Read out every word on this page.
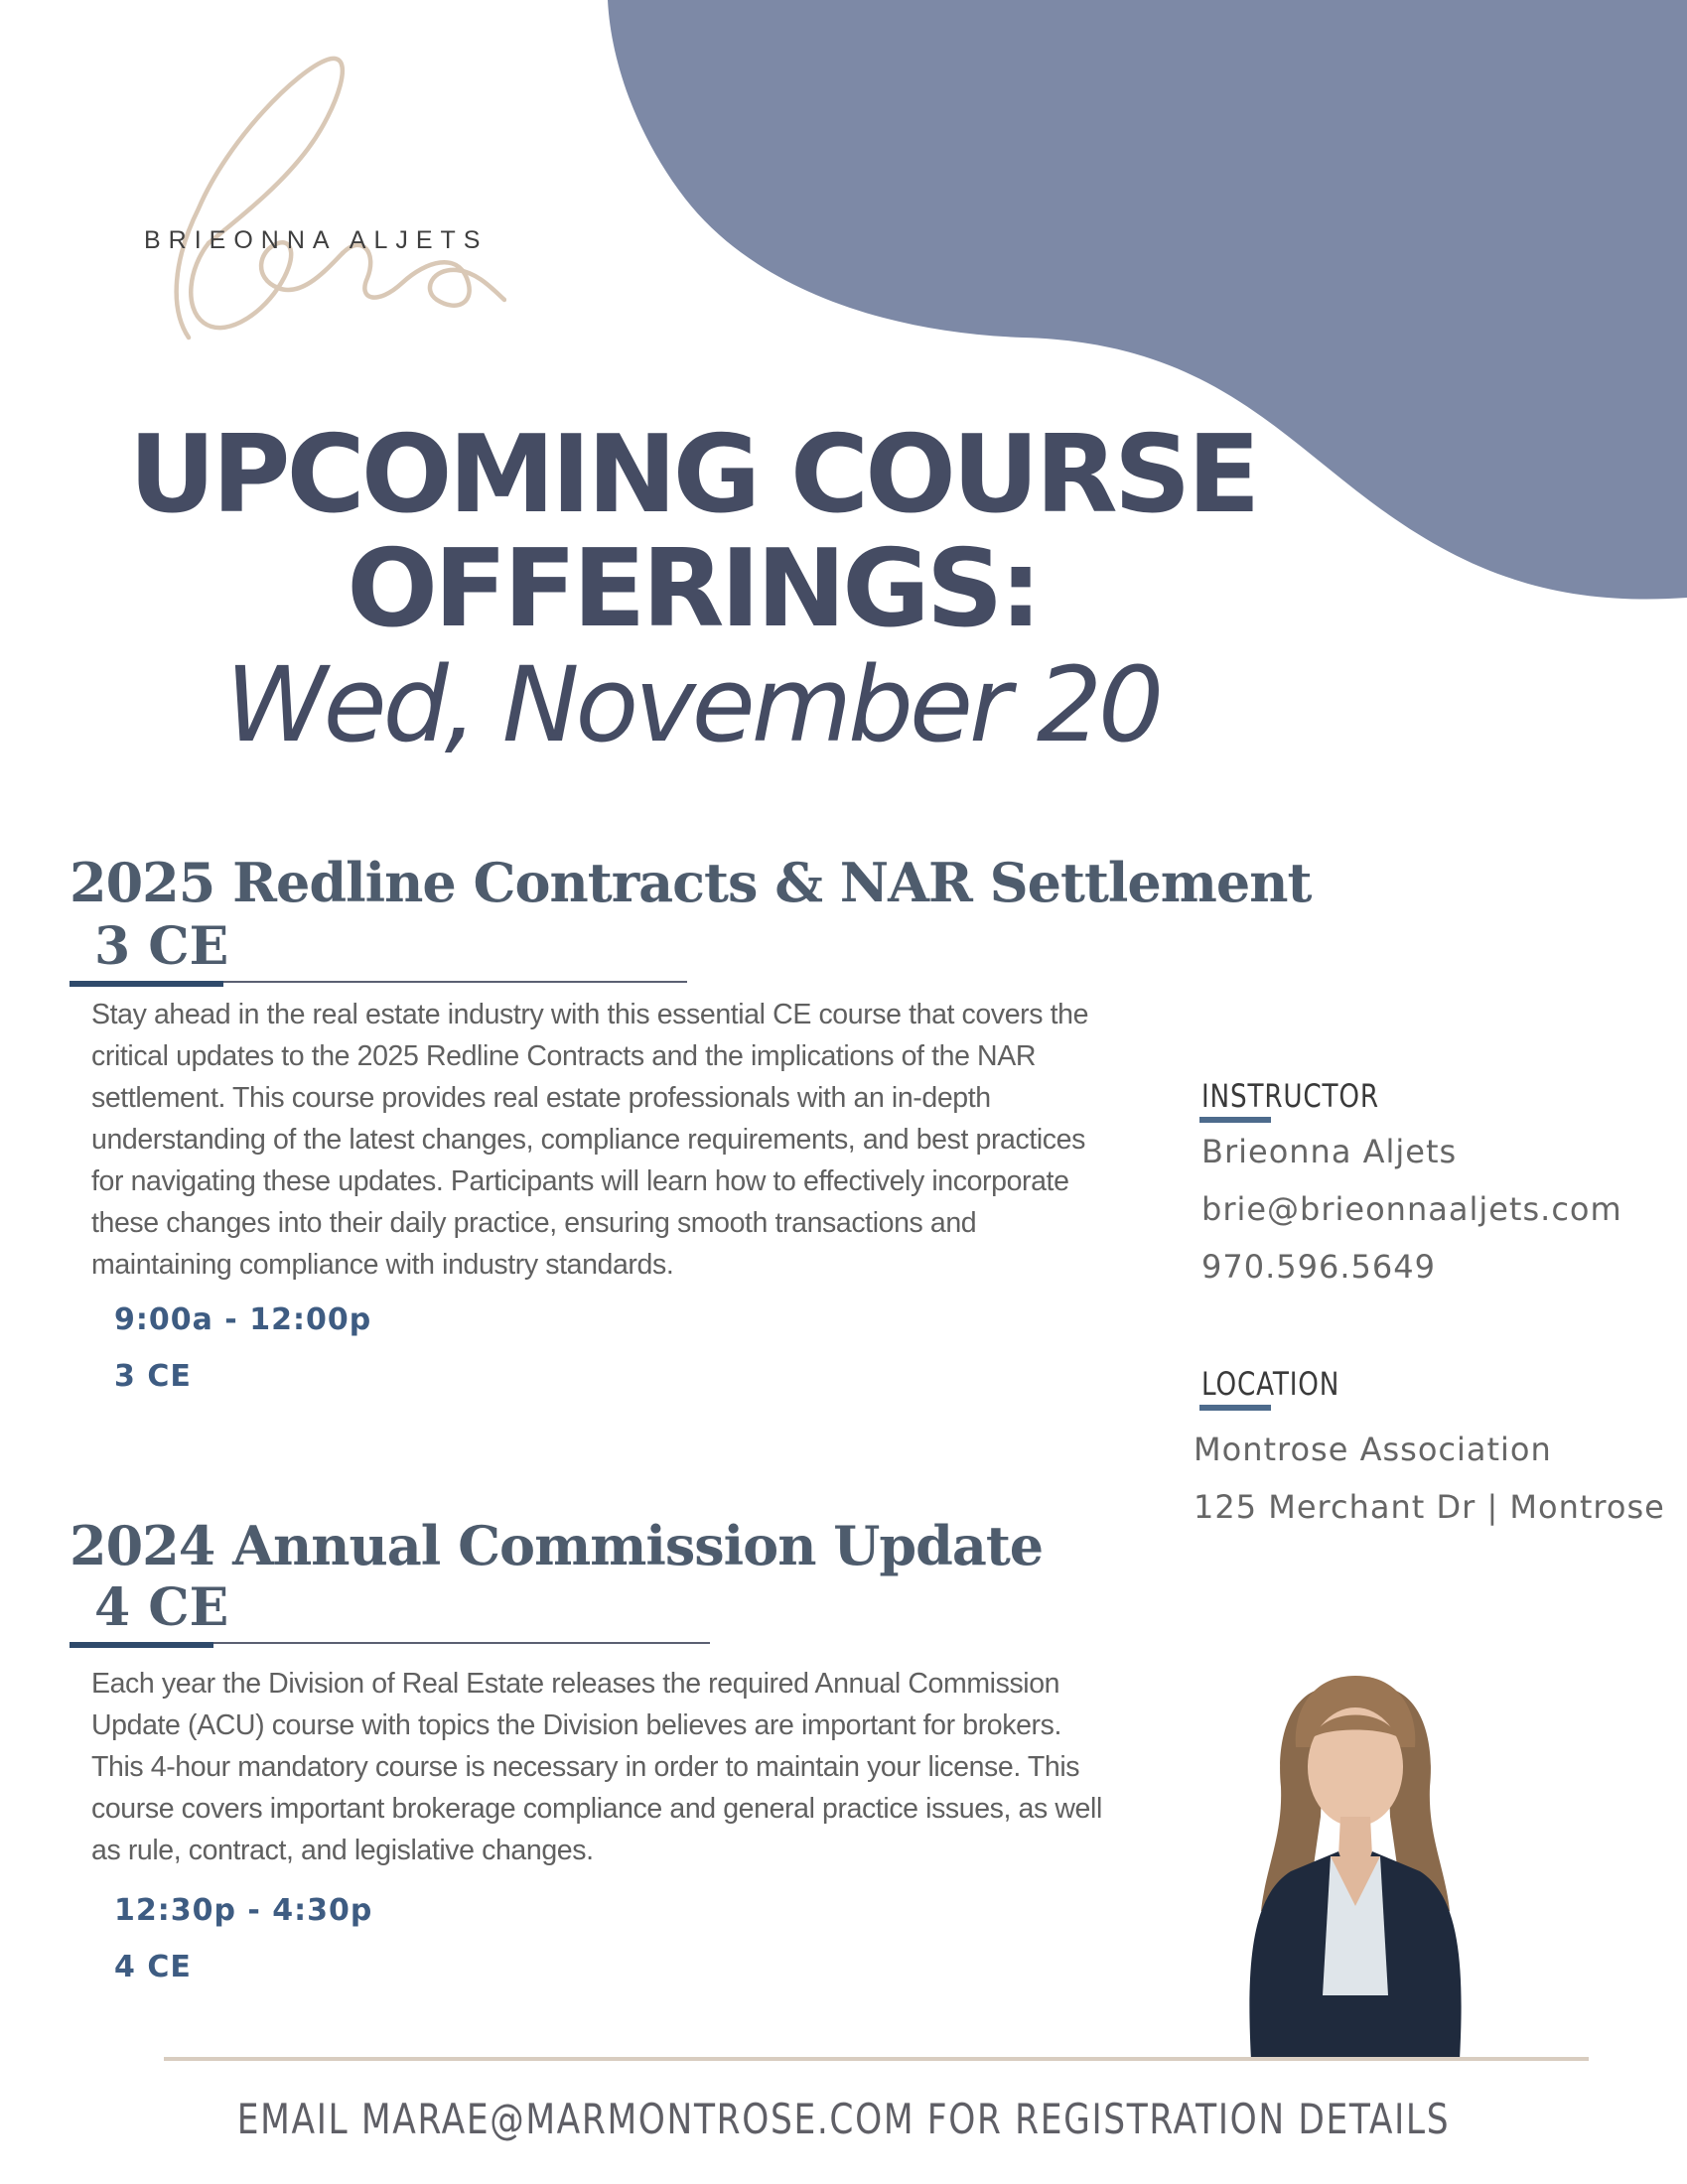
BRIEONNA ALJETS
UPCOMING COURSE
OFFERINGS:
Wed, November 20
2025 Redline Contracts & NAR Settlement
3 CE
Stay ahead in the real estate industry with this essential CE course that covers the critical updates to the 2025 Redline Contracts and the implications of the NAR settlement. This course provides real estate professionals with an in-depth understanding of the latest changes, compliance requirements, and best practices for navigating these updates. Participants will learn how to effectively incorporate these changes into their daily practice, ensuring smooth transactions and maintaining compliance with industry standards.
9:00a - 12:00p
3 CE
2024 Annual Commission Update
4 CE
Each year the Division of Real Estate releases the required Annual Commission Update (ACU) course with topics the Division believes are important for brokers. This 4-hour mandatory course is necessary in order to maintain your license. This course covers important brokerage compliance and general practice issues, as well as rule, contract, and legislative changes.
12:30p - 4:30p
4 CE
INSTRUCTOR
Brieonna Aljets
brie@brieonnaaljets.com
970.596.5649
LOCATION
Montrose Association
125 Merchant Dr | Montrose
EMAIL MARAE@MARMONTROSE.COM FOR REGISTRATION DETAILS
